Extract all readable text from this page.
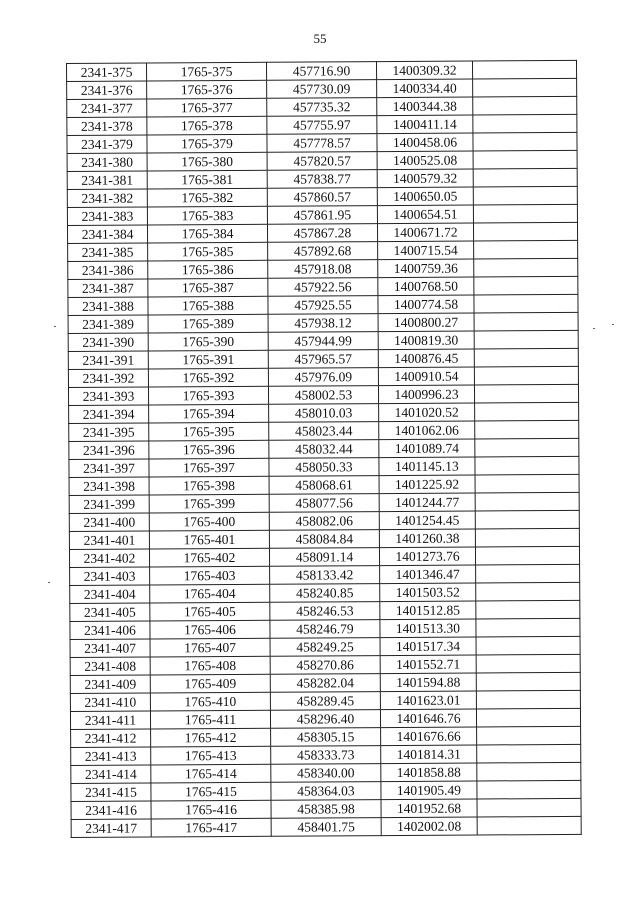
55
2341-375	1765-375	457716.90	1400309.32	
2341-376	1765-376	457730.09	1400334.40	
2341-377	1765-377	457735.32	1400344.38	
2341-378	1765-378	457755.97	1400411.14	
2341-379	1765-379	457778.57	1400458.06	
2341-380	1765-380	457820.57	1400525.08	
2341-381	1765-381	457838.77	1400579.32	
2341-382	1765-382	457860.57	1400650.05	
2341-383	1765-383	457861.95	1400654.51	
2341-384	1765-384	457867.28	1400671.72	
2341-385	1765-385	457892.68	1400715.54	
2341-386	1765-386	457918.08	1400759.36	
2341-387	1765-387	457922.56	1400768.50	
2341-388	1765-388	457925.55	1400774.58	
2341-389	1765-389	457938.12	1400800.27	
2341-390	1765-390	457944.99	1400819.30	
2341-391	1765-391	457965.57	1400876.45	
2341-392	1765-392	457976.09	1400910.54	
2341-393	1765-393	458002.53	1400996.23	
2341-394	1765-394	458010.03	1401020.52	
2341-395	1765-395	458023.44	1401062.06	
2341-396	1765-396	458032.44	1401089.74	
2341-397	1765-397	458050.33	1401145.13	
2341-398	1765-398	458068.61	1401225.92	
2341-399	1765-399	458077.56	1401244.77	
2341-400	1765-400	458082.06	1401254.45	
2341-401	1765-401	458084.84	1401260.38	
2341-402	1765-402	458091.14	1401273.76	
2341-403	1765-403	458133.42	1401346.47	
2341-404	1765-404	458240.85	1401503.52	
2341-405	1765-405	458246.53	1401512.85	
2341-406	1765-406	458246.79	1401513.30	
2341-407	1765-407	458249.25	1401517.34	
2341-408	1765-408	458270.86	1401552.71	
2341-409	1765-409	458282.04	1401594.88	
2341-410	1765-410	458289.45	1401623.01	
2341-411	1765-411	458296.40	1401646.76	
2341-412	1765-412	458305.15	1401676.66	
2341-413	1765-413	458333.73	1401814.31	
2341-414	1765-414	458340.00	1401858.88	
2341-415	1765-415	458364.03	1401905.49	
2341-416	1765-416	458385.98	1401952.68	
2341-417	1765-417	458401.75	1402002.08	
